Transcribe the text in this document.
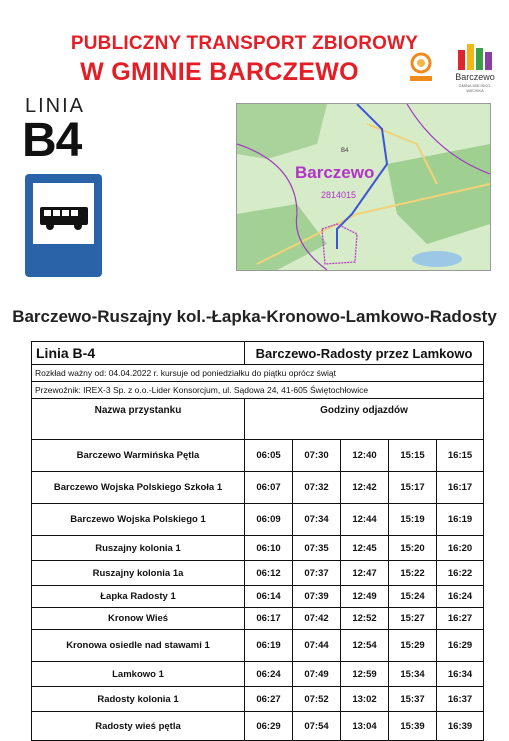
PUBLICZNY TRANSPORT ZBIOROWY
W GMINIE BARCZEWO	Barczewo
GMINA MIEJSKO-WIEJSKA
LINIA
B4	B4
Barczewo
2814015
Barczewo-Ruszajny kol.-Łapka-Kronowo-Lamkowo-Radosty
Linia B-4	Barczewo-Radosty przez Lamkowo				
Rozkład ważny od: 04.04.2022 r. kursuje od poniedziałku do piątku oprócz świąt					
Przewoźnik: IREX-3 Sp. z o.o.-Lider Konsorcjum, ul. Sądowa 24, 41-605 Świętochłowice					
Nazwa przystanku	Godziny odjazdów				
Barczewo Warmińska Pętla	06:05	07:30	12:40	15:15	16:15
Barczewo Wojska Polskiego Szkoła 1	06:07	07:32	12:42	15:17	16:17
Barczewo Wojska Polskiego 1	06:09	07:34	12:44	15:19	16:19
Ruszajny kolonia 1	06:10	07:35	12:45	15:20	16:20
Ruszajny kolonia 1a	06:12	07:37	12:47	15:22	16:22
Łapka Radosty 1	06:14	07:39	12:49	15:24	16:24
Kronow Wieś	06:17	07:42	12:52	15:27	16:27
Kronowa osiedle nad stawami 1	06:19	07:44	12:54	15:29	16:29
Lamkowo 1	06:24	07:49	12:59	15:34	16:34
Radosty kolonia 1	06:27	07:52	13:02	15:37	16:37
Radosty wieś pętla	06:29	07:54	13:04	15:39	16:39
